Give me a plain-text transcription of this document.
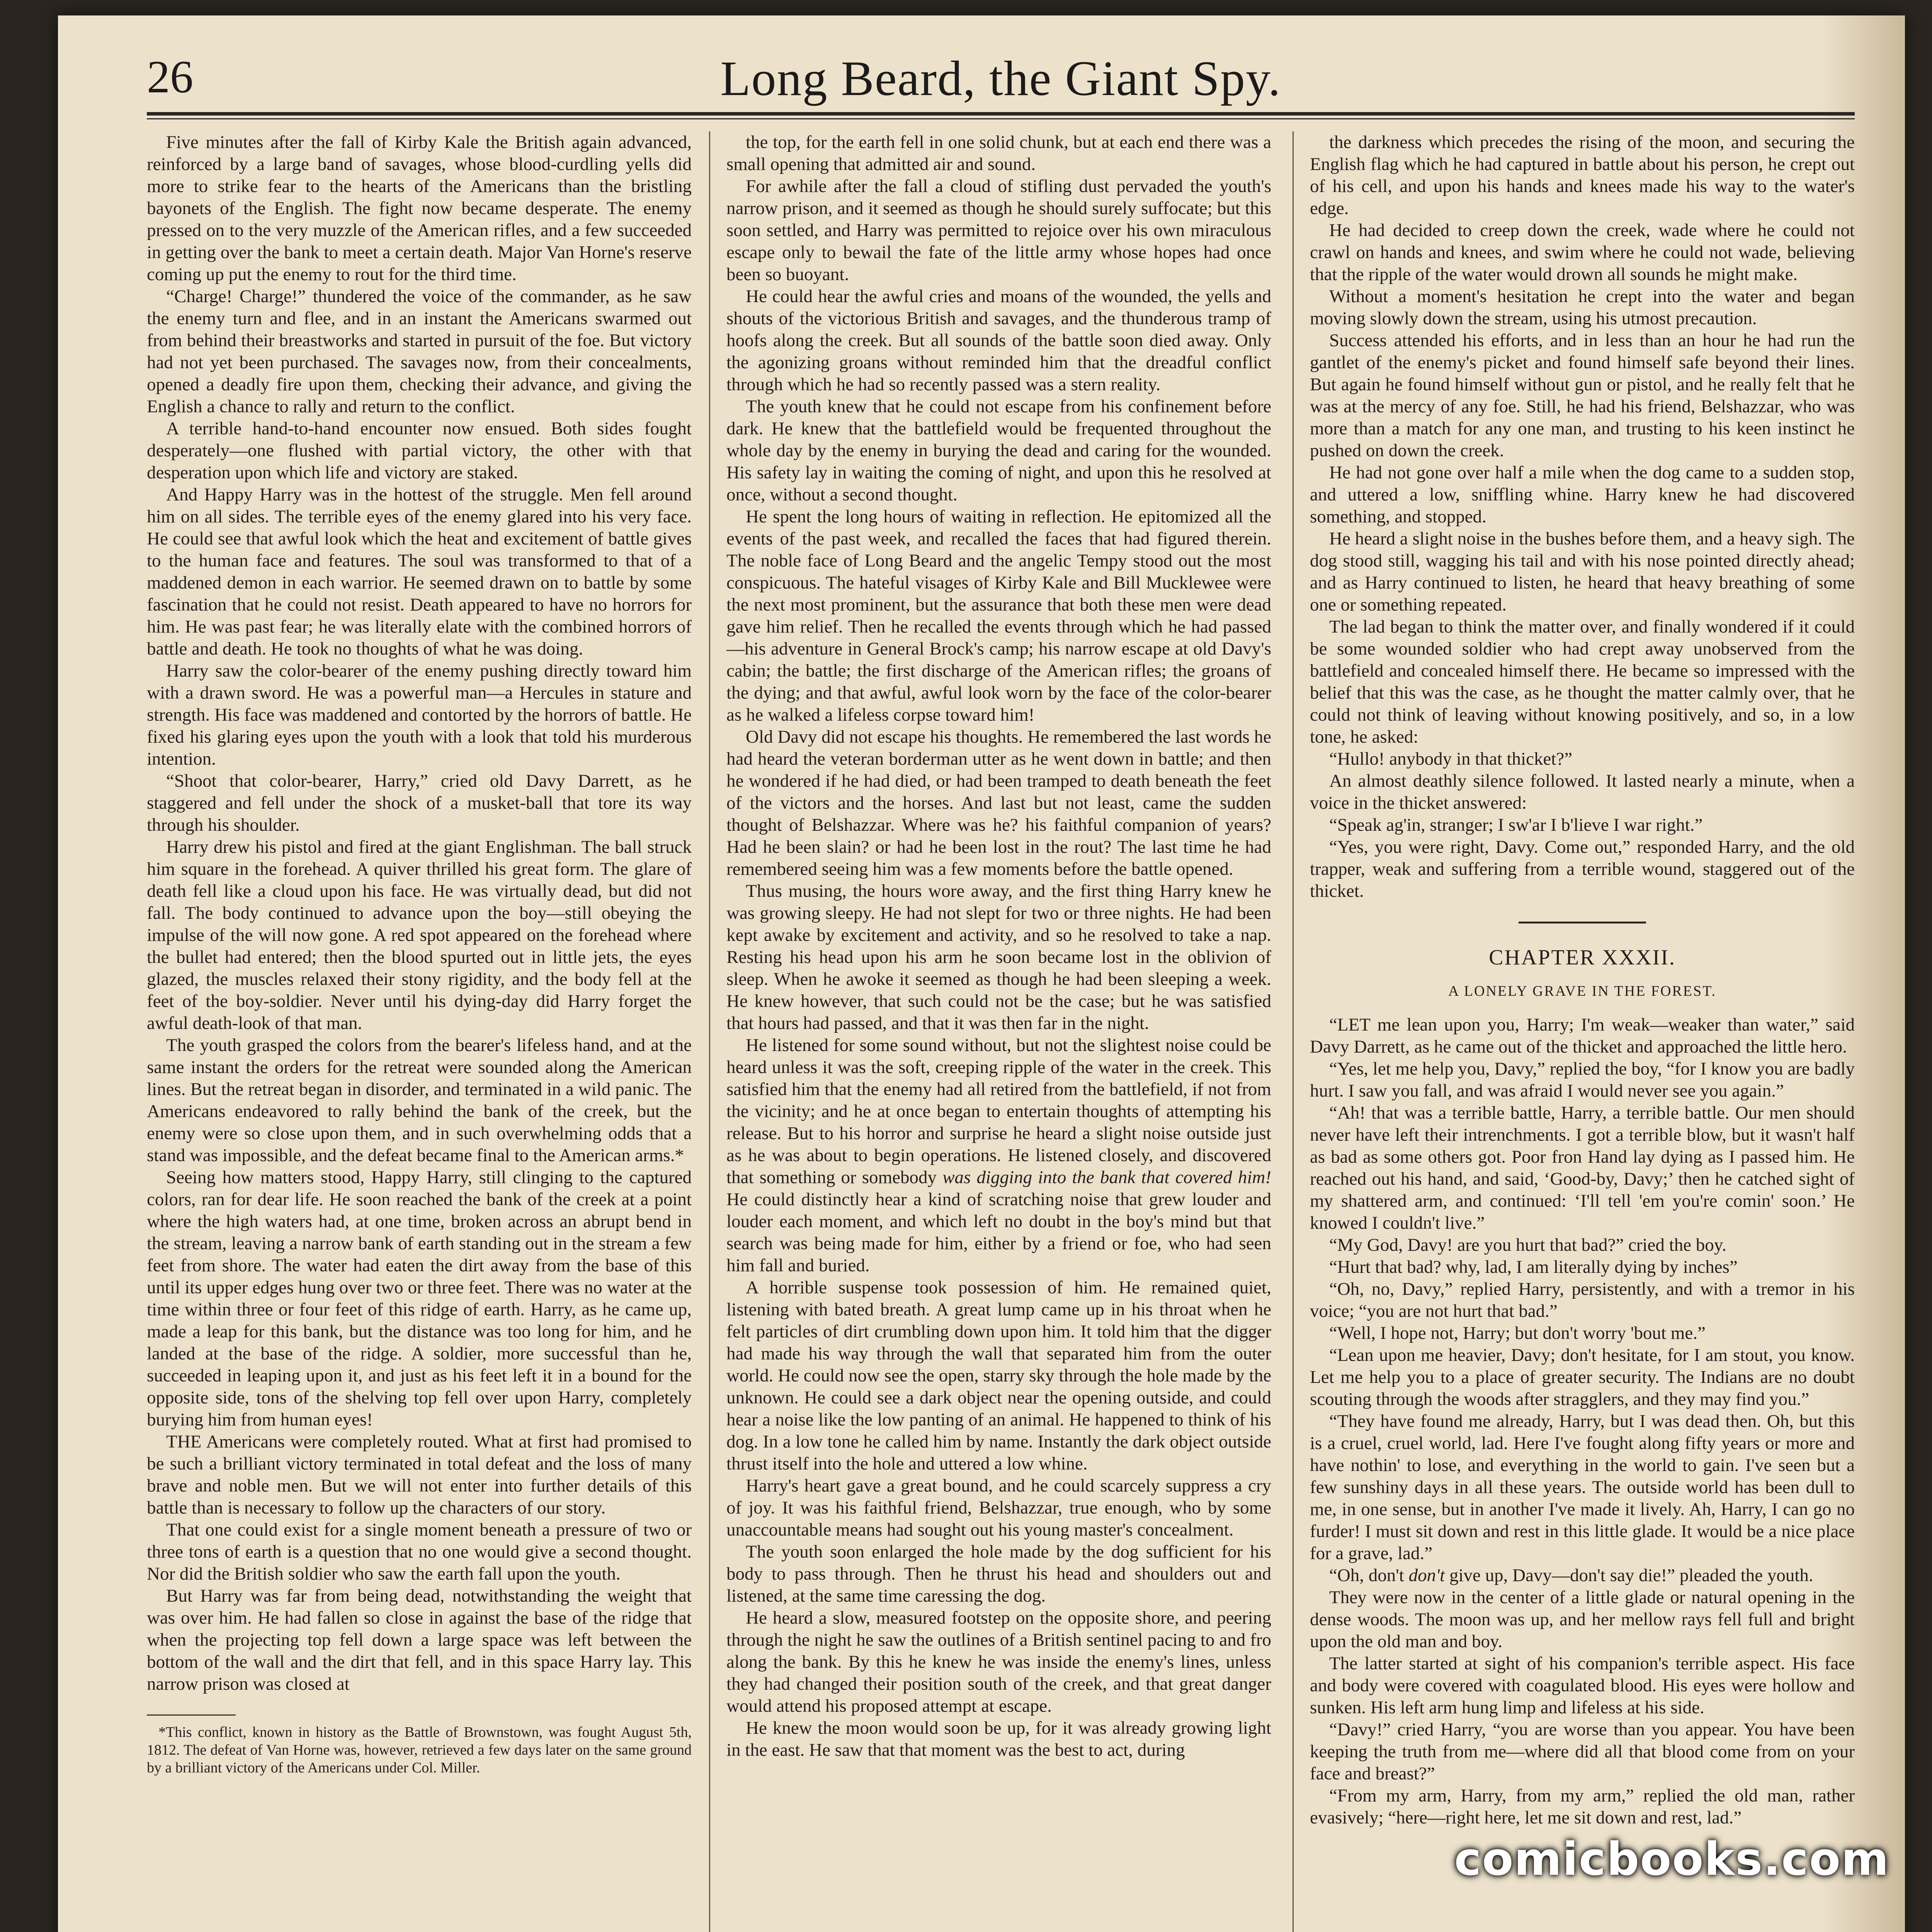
26	Long Beard, the Giant Spy.

Five minutes after the fall of Kirby Kale the British again advanced, reinforced by a large band of savages, whose blood-curdling yells did more to strike fear to the hearts of the Americans than the bristling bayonets of the English. The fight now became desperate. The enemy pressed on to the very muzzle of the American rifles, and a few succeeded in getting over the bank to meet a certain death. Major Van Horne's reserve coming up put the enemy to rout for the third time.

“Charge! Charge!” thundered the voice of the commander, as he saw the enemy turn and flee, and in an instant the Americans swarmed out from behind their breastworks and started in pursuit of the foe. But victory had not yet been purchased. The savages now, from their concealments, opened a deadly fire upon them, checking their advance, and giving the English a chance to rally and return to the conflict.

A terrible hand-to-hand encounter now ensued. Both sides fought desperately—one flushed with partial victory, the other with that desperation upon which life and victory are staked.

And Happy Harry was in the hottest of the struggle. Men fell around him on all sides. The terrible eyes of the enemy glared into his very face. He could see that awful look which the heat and excitement of battle gives to the human face and features. The soul was transformed to that of a maddened demon in each warrior. He seemed drawn on to battle by some fascination that he could not resist. Death appeared to have no horrors for him. He was past fear; he was literally elate with the combined horrors of battle and death. He took no thoughts of what he was doing.

Harry saw the color-bearer of the enemy pushing directly toward him with a drawn sword. He was a powerful man—a Hercules in stature and strength. His face was maddened and contorted by the horrors of battle. He fixed his glaring eyes upon the youth with a look that told his murderous intention.

“Shoot that color-bearer, Harry,” cried old Davy Darrett, as he staggered and fell under the shock of a musket-ball that tore its way through his shoulder.

Harry drew his pistol and fired at the giant Englishman. The ball struck him square in the forehead. A quiver thrilled his great form. The glare of death fell like a cloud upon his face. He was virtually dead, but did not fall. The body continued to advance upon the boy—still obeying the impulse of the will now gone. A red spot appeared on the forehead where the bullet had entered; then the blood spurted out in little jets, the eyes glazed, the muscles relaxed their stony rigidity, and the body fell at the feet of the boy-soldier. Never until his dying-day did Harry forget the awful death-look of that man.

The youth grasped the colors from the bearer's lifeless hand, and at the same instant the orders for the retreat were sounded along the American lines. But the retreat began in disorder, and terminated in a wild panic. The Americans endeavored to rally behind the bank of the creek, but the enemy were so close upon them, and in such overwhelming odds that a stand was impossible, and the defeat became final to the American arms.*

Seeing how matters stood, Happy Harry, still clinging to the captured colors, ran for dear life. He soon reached the bank of the creek at a point where the high waters had, at one time, broken across an abrupt bend in the stream, leaving a narrow bank of earth standing out in the stream a few feet from shore. The water had eaten the dirt away from the base of this until its upper edges hung over two or three feet. There was no water at the time within three or four feet of this ridge of earth. Harry, as he came up, made a leap for this bank, but the distance was too long for him, and he landed at the base of the ridge. A soldier, more successful than he, succeeded in leaping upon it, and just as his feet left it in a bound for the opposite side, tons of the shelving top fell over upon Harry, completely burying him from human eyes!

THE Americans were completely routed. What at first had promised to be such a brilliant victory terminated in total defeat and the loss of many brave and noble men. But we will not enter into further details of this battle than is necessary to follow up the characters of our story.

That one could exist for a single moment beneath a pressure of two or three tons of earth is a question that no one would give a second thought. Nor did the British soldier who saw the earth fall upon the youth.

But Harry was far from being dead, notwithstanding the weight that was over him. He had fallen so close in against the base of the ridge that when the projecting top fell down a large space was left between the bottom of the wall and the dirt that fell, and in this space Harry lay. This narrow prison was closed at

*This conflict, known in history as the Battle of Brownstown, was fought August 5th, 1812. The defeat of Van Horne was, however, retrieved a few days later on the same ground by a brilliant victory of the Americans under Col. Miller.

the top, for the earth fell in one solid chunk, but at each end there was a small opening that admitted air and sound.

For awhile after the fall a cloud of stifling dust pervaded the youth's narrow prison, and it seemed as though he should surely suffocate; but this soon settled, and Harry was permitted to rejoice over his own miraculous escape only to bewail the fate of the little army whose hopes had once been so buoyant.

He could hear the awful cries and moans of the wounded, the yells and shouts of the victorious British and savages, and the thunderous tramp of hoofs along the creek. But all sounds of the battle soon died away. Only the agonizing groans without reminded him that the dreadful conflict through which he had so recently passed was a stern reality.

The youth knew that he could not escape from his confinement before dark. He knew that the battlefield would be frequented throughout the whole day by the enemy in burying the dead and caring for the wounded. His safety lay in waiting the coming of night, and upon this he resolved at once, without a second thought.

He spent the long hours of waiting in reflection. He epitomized all the events of the past week, and recalled the faces that had figured therein. The noble face of Long Beard and the angelic Tempy stood out the most conspicuous. The hateful visages of Kirby Kale and Bill Mucklewee were the next most prominent, but the assurance that both these men were dead gave him relief. Then he recalled the events through which he had passed—his adventure in General Brock's camp; his narrow escape at old Davy's cabin; the battle; the first discharge of the American rifles; the groans of the dying; and that awful, awful look worn by the face of the color-bearer as he walked a lifeless corpse toward him!

Old Davy did not escape his thoughts. He remembered the last words he had heard the veteran borderman utter as he went down in battle; and then he wondered if he had died, or had been tramped to death beneath the feet of the victors and the horses. And last but not least, came the sudden thought of Belshazzar. Where was he? his faithful companion of years? Had he been slain? or had he been lost in the rout? The last time he had remembered seeing him was a few moments before the battle opened.

Thus musing, the hours wore away, and the first thing Harry knew he was growing sleepy. He had not slept for two or three nights. He had been kept awake by excitement and activity, and so he resolved to take a nap. Resting his head upon his arm he soon became lost in the oblivion of sleep. When he awoke it seemed as though he had been sleeping a week. He knew however, that such could not be the case; but he was satisfied that hours had passed, and that it was then far in the night.

He listened for some sound without, but not the slightest noise could be heard unless it was the soft, creeping ripple of the water in the creek. This satisfied him that the enemy had all retired from the battlefield, if not from the vicinity; and he at once began to entertain thoughts of attempting his release. But to his horror and surprise he heard a slight noise outside just as he was about to begin operations. He listened closely, and discovered that something or somebody was digging into the bank that covered him! He could distinctly hear a kind of scratching noise that grew louder and louder each moment, and which left no doubt in the boy's mind but that search was being made for him, either by a friend or foe, who had seen him fall and buried.

A horrible suspense took possession of him. He remained quiet, listening with bated breath. A great lump came up in his throat when he felt particles of dirt crumbling down upon him. It told him that the digger had made his way through the wall that separated him from the outer world. He could now see the open, starry sky through the hole made by the unknown. He could see a dark object near the opening outside, and could hear a noise like the low panting of an animal. He happened to think of his dog. In a low tone he called him by name. Instantly the dark object outside thrust itself into the hole and uttered a low whine.

Harry's heart gave a great bound, and he could scarcely suppress a cry of joy. It was his faithful friend, Belshazzar, true enough, who by some unaccountable means had sought out his young master's concealment.

The youth soon enlarged the hole made by the dog sufficient for his body to pass through. Then he thrust his head and shoulders out and listened, at the same time caressing the dog.

He heard a slow, measured footstep on the opposite shore, and peering through the night he saw the outlines of a British sentinel pacing to and fro along the bank. By this he knew he was inside the enemy's lines, unless they had changed their position south of the creek, and that great danger would attend his proposed attempt at escape.

He knew the moon would soon be up, for it was already growing light in the east. He saw that that moment was the best to act, during

the darkness which precedes the rising of the moon, and securing the English flag which he had captured in battle about his person, he crept out of his cell, and upon his hands and knees made his way to the water's edge.

He had decided to creep down the creek, wade where he could not crawl on hands and knees, and swim where he could not wade, believing that the ripple of the water would drown all sounds he might make.

Without a moment's hesitation he crept into the water and began moving slowly down the stream, using his utmost precaution.

Success attended his efforts, and in less than an hour he had run the gantlet of the enemy's picket and found himself safe beyond their lines. But again he found himself without gun or pistol, and he really felt that he was at the mercy of any foe. Still, he had his friend, Belshazzar, who was more than a match for any one man, and trusting to his keen instinct he pushed on down the creek.

He had not gone over half a mile when the dog came to a sudden stop, and uttered a low, sniffling whine. Harry knew he had discovered something, and stopped.

He heard a slight noise in the bushes before them, and a heavy sigh. The dog stood still, wagging his tail and with his nose pointed directly ahead; and as Harry continued to listen, he heard that heavy breathing of some one or something repeated.

The lad began to think the matter over, and finally wondered if it could be some wounded soldier who had crept away unobserved from the battlefield and concealed himself there. He became so impressed with the belief that this was the case, as he thought the matter calmly over, that he could not think of leaving without knowing positively, and so, in a low tone, he asked:

“Hullo! anybody in that thicket?”

An almost deathly silence followed. It lasted nearly a minute, when a voice in the thicket answered:

“Speak ag'in, stranger; I sw'ar I b'lieve I war right.”

“Yes, you were right, Davy. Come out,” responded Harry, and the old trapper, weak and suffering from a terrible wound, staggered out of the thicket.

CHAPTER XXXII.
A LONELY GRAVE IN THE FOREST.

“LET me lean upon you, Harry; I'm weak—weaker than water,” said Davy Darrett, as he came out of the thicket and approached the little hero.

“Yes, let me help you, Davy,” replied the boy, “for I know you are badly hurt. I saw you fall, and was afraid I would never see you again.”

“Ah! that was a terrible battle, Harry, a terrible battle. Our men should never have left their intrenchments. I got a terrible blow, but it wasn't half as bad as some others got. Poor fron Hand lay dying as I passed him. He reached out his hand, and said, ‘Good-by, Davy;’ then he catched sight of my shattered arm, and continued: ‘I'll tell 'em you're comin' soon.’ He knowed I couldn't live.”

“My God, Davy! are you hurt that bad?” cried the boy.

“Hurt that bad? why, lad, I am literally dying by inches”

“Oh, no, Davy,” replied Harry, persistently, and with a tremor in his voice; “you are not hurt that bad.”

“Well, I hope not, Harry; but don't worry 'bout me.”

“Lean upon me heavier, Davy; don't hesitate, for I am stout, you know. Let me help you to a place of greater security. The Indians are no doubt scouting through the woods after stragglers, and they may find you.”

“They have found me already, Harry, but I was dead then. Oh, but this is a cruel, cruel world, lad. Here I've fought along fifty years or more and have nothin' to lose, and everything in the world to gain. I've seen but a few sunshiny days in all these years. The outside world has been dull to me, in one sense, but in another I've made it lively. Ah, Harry, I can go no furder! I must sit down and rest in this little glade. It would be a nice place for a grave, lad.”

“Oh, don't don't give up, Davy—don't say die!” pleaded the youth.

They were now in the center of a little glade or natural opening in the dense woods. The moon was up, and her mellow rays fell full and bright upon the old man and boy.

The latter started at sight of his companion's terrible aspect. His face and body were covered with coagulated blood. His eyes were hollow and sunken. His left arm hung limp and lifeless at his side.

“Davy!” cried Harry, “you are worse than you appear. You have been keeping the truth from me—where did all that blood come from on your face and breast?”

“From my arm, Harry, from my arm,” replied the old man, rather evasively; “here—right here, let me sit down and rest, lad.”

comicbooks.com
